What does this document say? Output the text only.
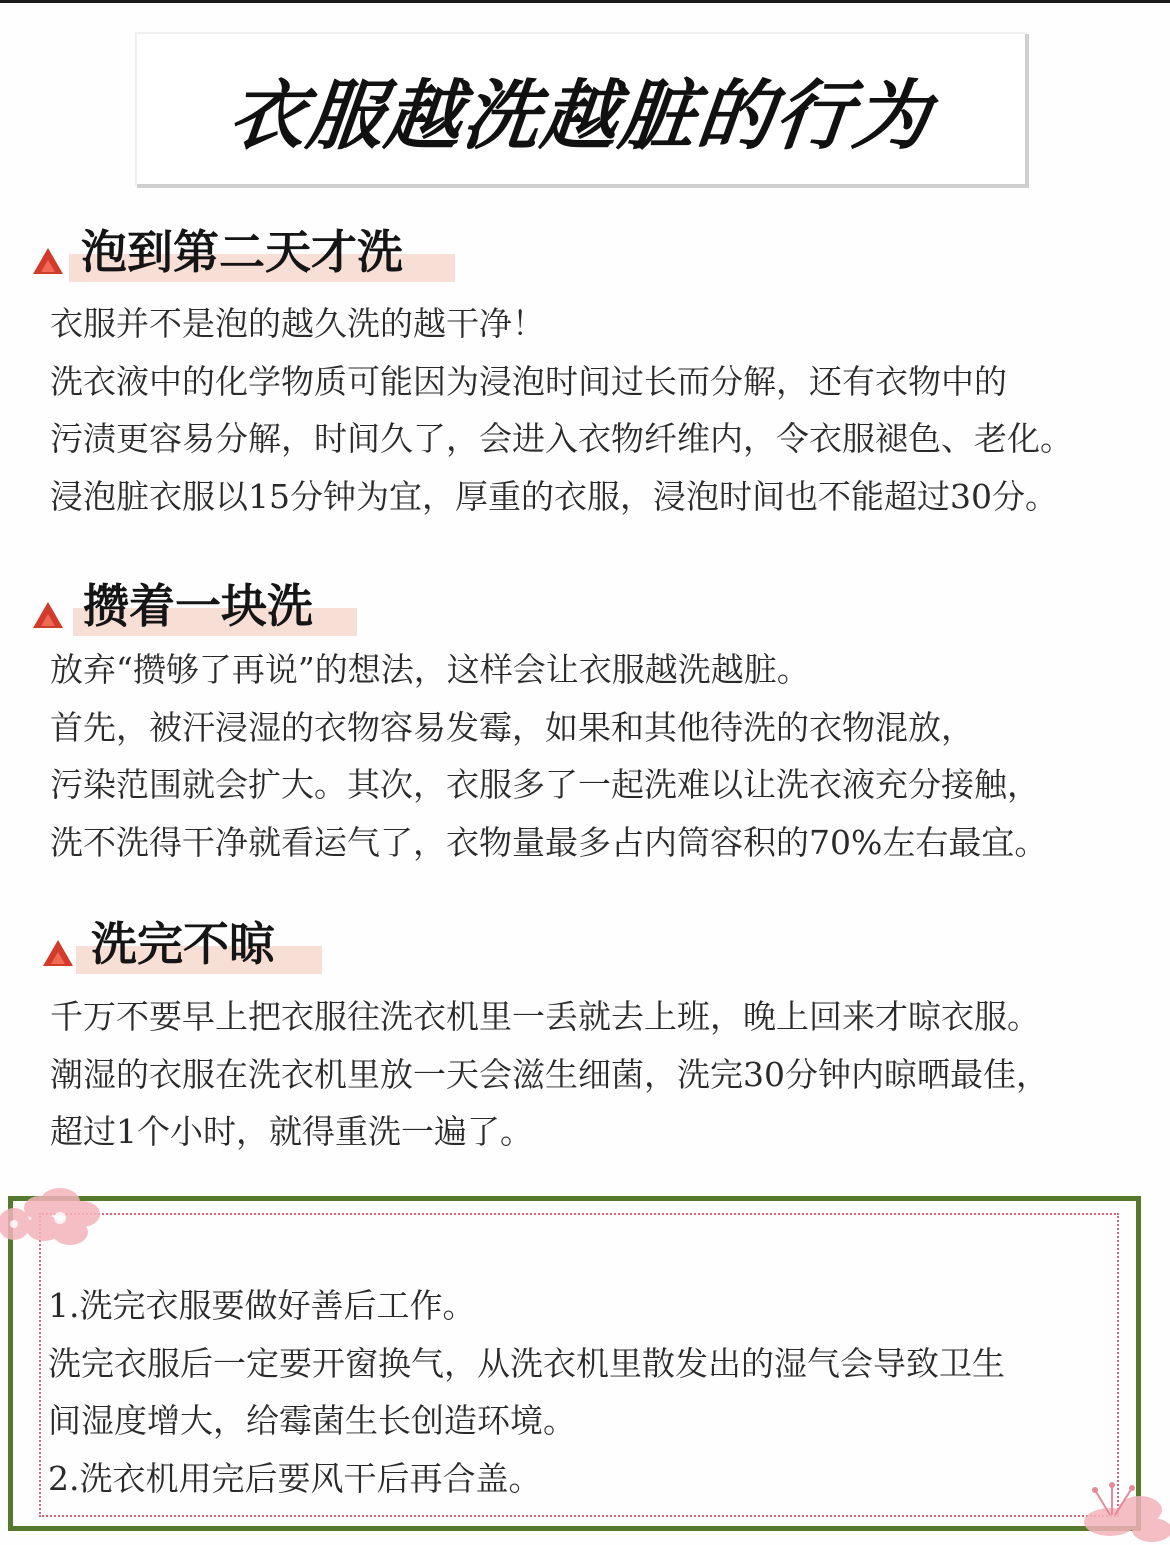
衣服越洗越脏的行为
泡到第二天才洗
衣服并不是泡的越久洗的越干净！
洗衣液中的化学物质可能因为浸泡时间过长而分解，还有衣物中的
污渍更容易分解，时间久了，会进入衣物纤维内，令衣服褪色、老化。
浸泡脏衣服以15分钟为宜，厚重的衣服，浸泡时间也不能超过30分。
攒着一块洗
放弃“攒够了再说”的想法，这样会让衣服越洗越脏。
首先，被汗浸湿的衣物容易发霉，如果和其他待洗的衣物混放，
污染范围就会扩大。其次，衣服多了一起洗难以让洗衣液充分接触，
洗不洗得干净就看运气了，衣物量最多占内筒容积的70%左右最宜。
洗完不晾
千万不要早上把衣服往洗衣机里一丢就去上班，晚上回来才晾衣服。
潮湿的衣服在洗衣机里放一天会滋生细菌，洗完30分钟内晾晒最佳，
超过1个小时，就得重洗一遍了。
1.洗完衣服要做好善后工作。
洗完衣服后一定要开窗换气，从洗衣机里散发出的湿气会导致卫生
间湿度增大，给霉菌生长创造环境。
2.洗衣机用完后要风干后再合盖。
